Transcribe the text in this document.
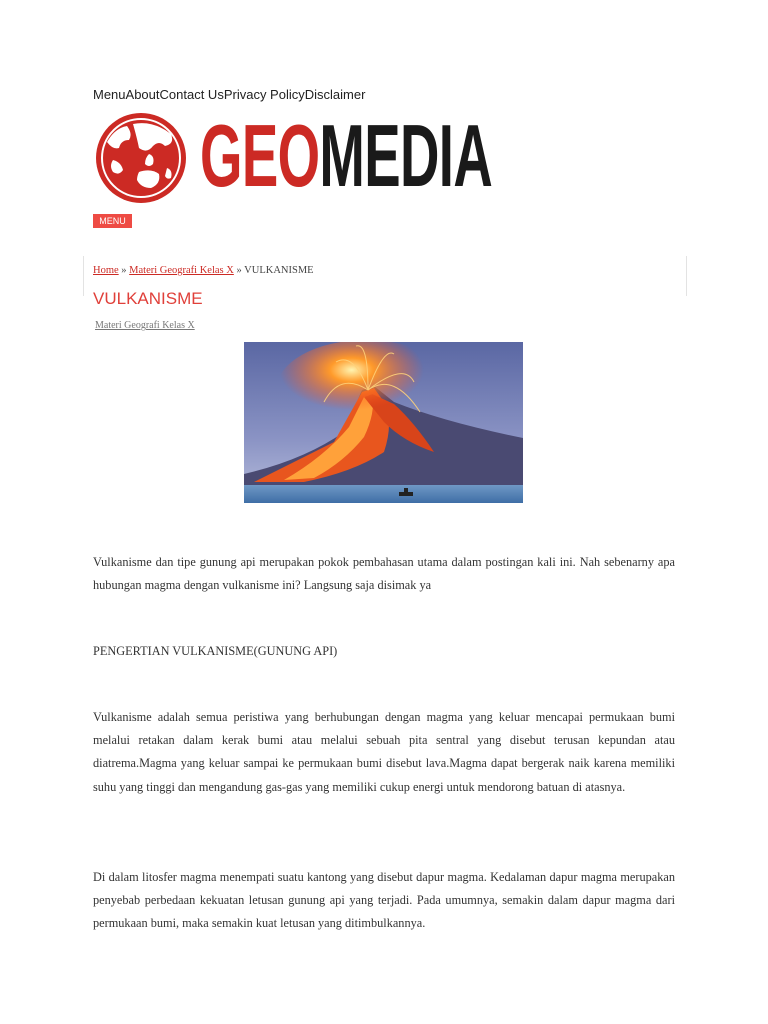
MenuAboutContact UsPrivacy PolicyDisclaimer
GEOMEDIA
MENU
Home » Materi Geografi Kelas X » VULKANISME
VULKANISME
Materi Geografi Kelas X

Vulkanisme dan tipe gunung api merupakan pokok pembahasan utama dalam postingan kali ini. Nah sebenarny apa hubungan magma dengan vulkanisme ini? Langsung saja disimak ya

PENGERTIAN VULKANISME(GUNUNG API)

Vulkanisme adalah semua peristiwa yang berhubungan dengan magma yang keluar mencapai permukaan bumi melalui retakan dalam kerak bumi atau melalui sebuah pita sentral yang disebut terusan kepundan atau diatrema.Magma yang keluar sampai ke permukaan bumi disebut lava.Magma dapat bergerak naik karena memiliki suhu yang tinggi dan mengandung gas-gas yang memiliki cukup energi untuk mendorong batuan di atasnya.

Di dalam litosfer magma menempati suatu kantong yang disebut dapur magma. Kedalaman dapur magma merupakan penyebab perbedaan kekuatan letusan gunung api yang terjadi. Pada umumnya, semakin dalam dapur magma dari permukaan bumi, maka semakin kuat letusan yang ditimbulkannya.
